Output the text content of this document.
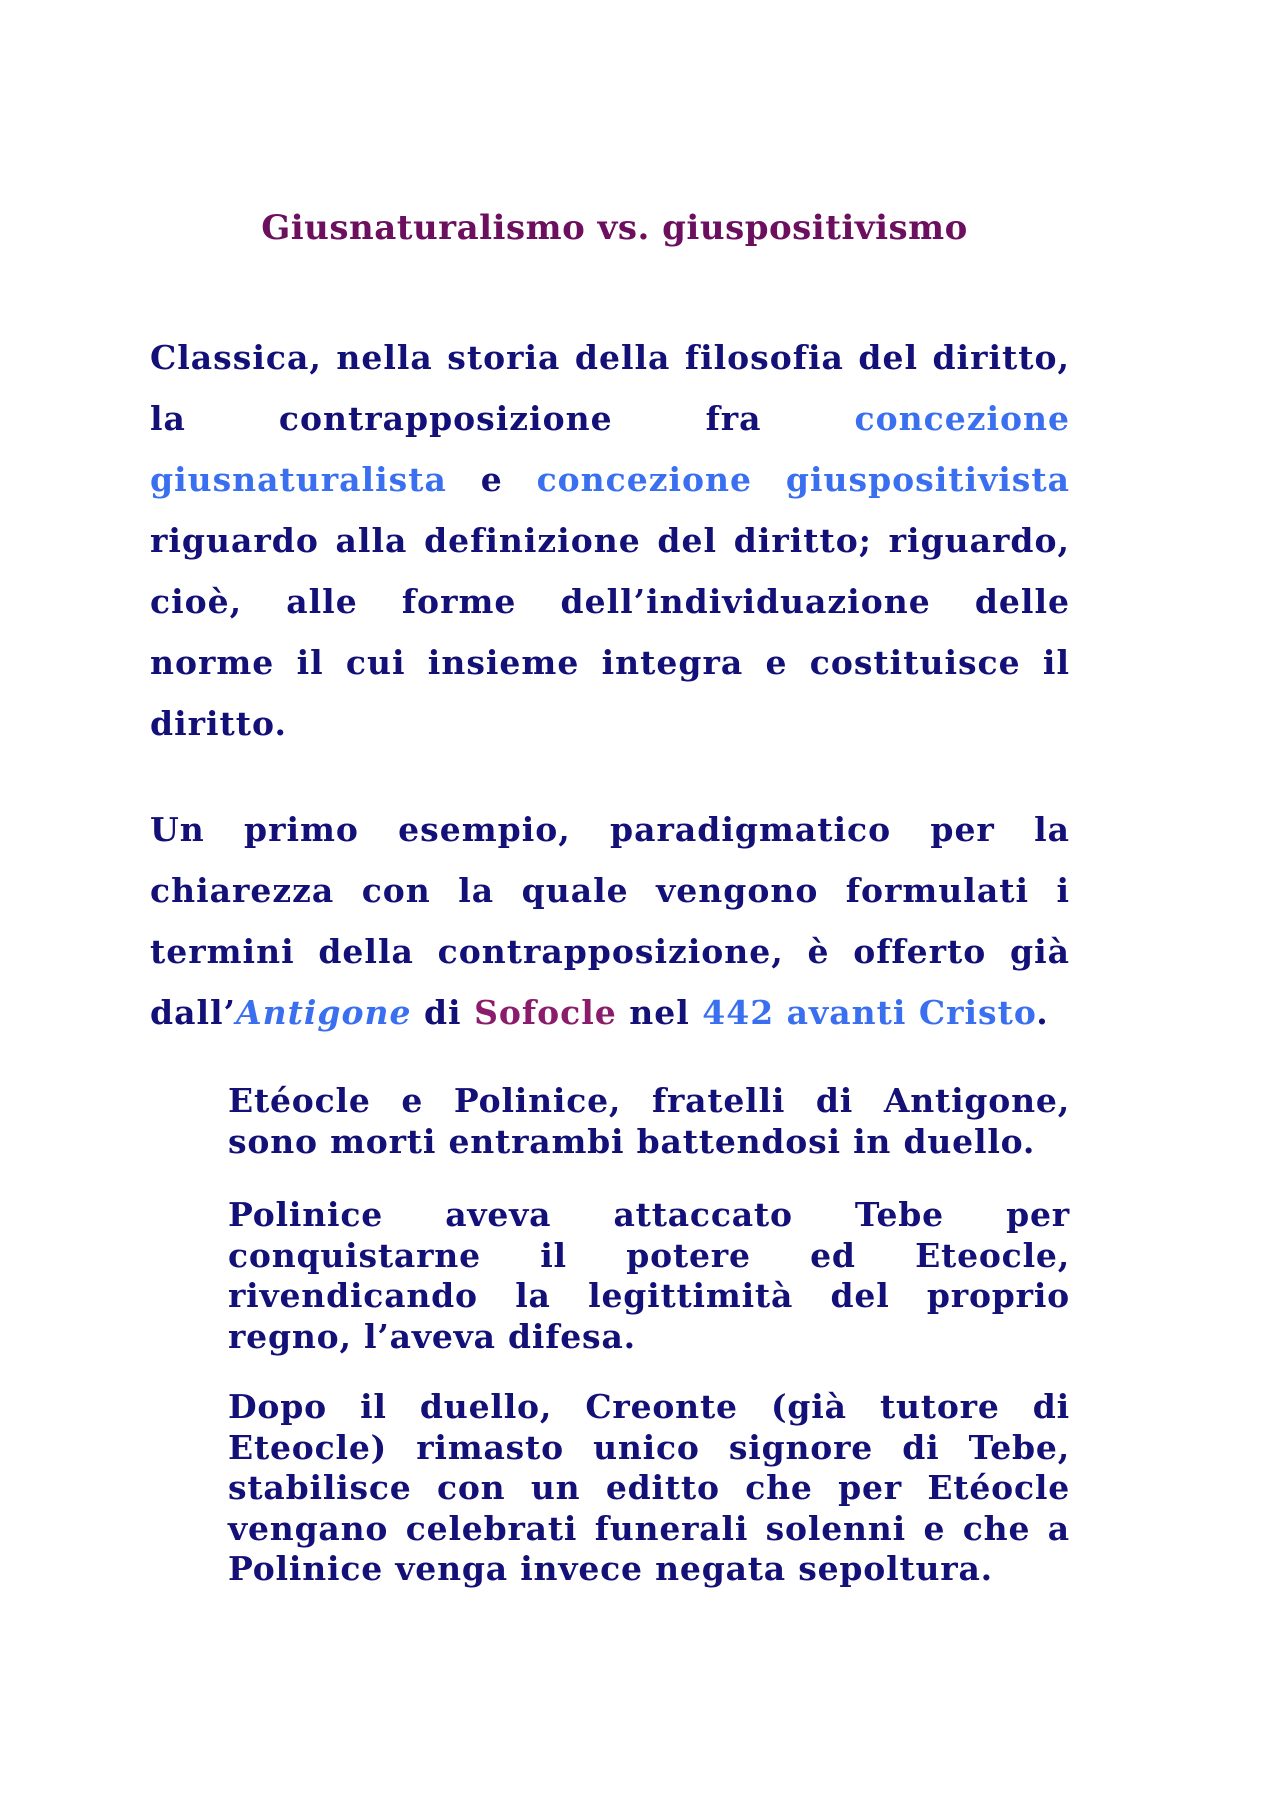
Giusnaturalismo vs. giuspositivismo

Classica, nella storia della filosofia del diritto, la contrapposizione fra concezione giusnaturalista e concezione giuspositivista riguardo alla definizione del diritto; riguardo, cioè, alle forme dell’individuazione delle norme il cui insieme integra e costituisce il diritto.

Un primo esempio, paradigmatico per la chiarezza con la quale vengono formulati i termini della contrapposizione, è offerto già dall’Antigone di Sofocle nel 442 avanti Cristo.

Etéocle e Polinice, fratelli di Antigone, sono morti entrambi battendosi in duello.

Polinice aveva attaccato Tebe per conquistarne il potere ed Eteocle, rivendicando la legittimità del proprio regno, l’aveva difesa.

Dopo il duello, Creonte (già tutore di Eteocle) rimasto unico signore di Tebe, stabilisce con un editto che per Etéocle vengano celebrati funerali solenni e che a Polinice venga invece negata sepoltura.
